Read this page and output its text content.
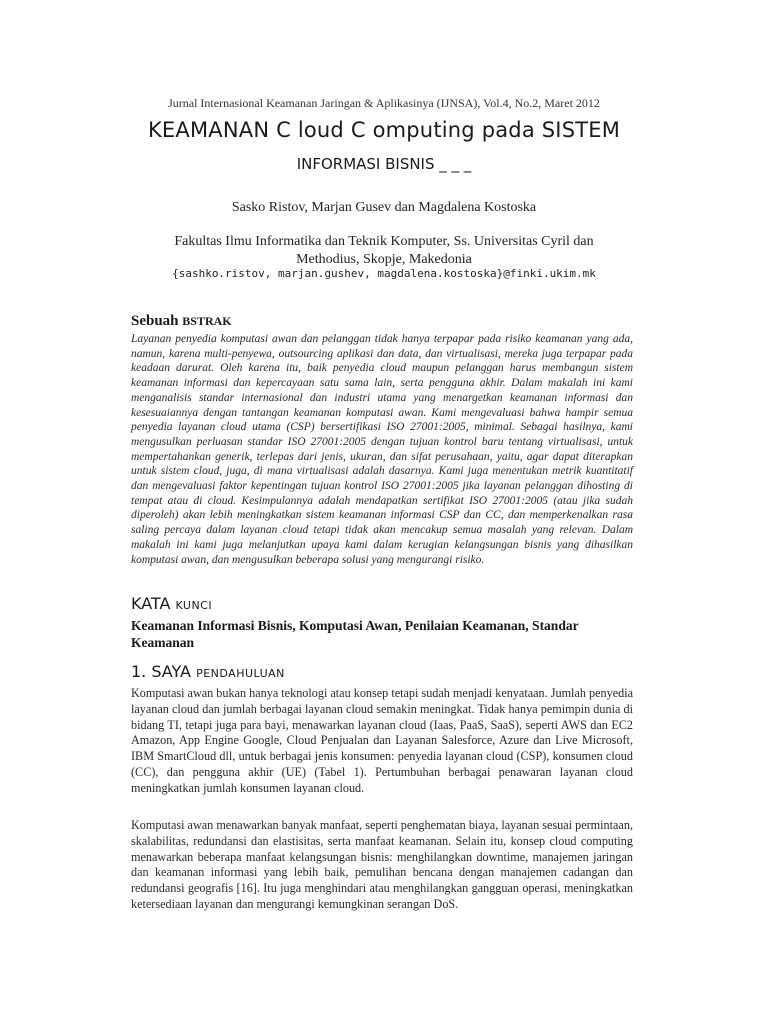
Jurnal Internasional Keamanan Jaringan & Aplikasinya (IJNSA), Vol.4, No.2, Maret 2012
KEAMANAN C loud C omputing pada SISTEM
INFORMASI BISNIS _ _ _
Sasko Ristov, Marjan Gusev dan Magdalena Kostoska
Fakultas Ilmu Informatika dan Teknik Komputer, Ss. Universitas Cyril dan Methodius, Skopje, Makedonia
{sashko.ristov, marjan.gushev, magdalena.kostoska}@finki.ukim.mk
Sebuah BSTRAK

Layanan penyedia komputasi awan dan pelanggan tidak hanya terpapar pada risiko keamanan yang ada, namun, karena multi-penyewa, outsourcing aplikasi dan data, dan virtualisasi, mereka juga terpapar pada keadaan darurat. Oleh karena itu, baik penyedia cloud maupun pelanggan harus membangun sistem keamanan informasi dan kepercayaan satu sama lain, serta pengguna akhir. Dalam makalah ini kami menganalisis standar internasional dan industri utama yang menargetkan keamanan informasi dan kesesuaiannya dengan tantangan keamanan komputasi awan. Kami mengevaluasi bahwa hampir semua penyedia layanan cloud utama (CSP) bersertifikasi ISO 27001:2005, minimal. Sebagai hasilnya, kami mengusulkan perluasan standar ISO 27001:2005 dengan tujuan kontrol baru tentang virtualisasi, untuk mempertahankan generik, terlepas dari jenis, ukuran, dan sifat perusahaan, yaitu, agar dapat diterapkan untuk sistem cloud, juga, di mana virtualisasi adalah dasarnya. Kami juga menentukan metrik kuantitatif dan mengevaluasi faktor kepentingan tujuan kontrol ISO 27001:2005 jika layanan pelanggan dihosting di tempat atau di cloud. Kesimpulannya adalah mendapatkan sertifikat ISO 27001:2005 (atau jika sudah diperoleh) akan lebih meningkatkan sistem keamanan informasi CSP dan CC, dan memperkenalkan rasa saling percaya dalam layanan cloud tetapi tidak akan mencakup semua masalah yang relevan. Dalam makalah ini kami juga melanjutkan upaya kami dalam kerugian kelangsungan bisnis yang dihasilkan komputasi awan, dan mengusulkan beberapa solusi yang mengurangi risiko.

KATA KUNCI

Keamanan Informasi Bisnis, Komputasi Awan, Penilaian Keamanan, Standar Keamanan

1. SAYA PENDAHULUAN

Komputasi awan bukan hanya teknologi atau konsep tetapi sudah menjadi kenyataan. Jumlah penyedia layanan cloud dan jumlah berbagai layanan cloud semakin meningkat. Tidak hanya pemimpin dunia di bidang TI, tetapi juga para bayi, menawarkan layanan cloud (Iaas, PaaS, SaaS), seperti AWS dan EC2 Amazon, App Engine Google, Cloud Penjualan dan Layanan Salesforce, Azure dan Live Microsoft, IBM SmartCloud dll, untuk berbagai jenis konsumen: penyedia layanan cloud (CSP), konsumen cloud (CC), dan pengguna akhir (UE) (Tabel 1). Pertumbuhan berbagai penawaran layanan cloud meningkatkan jumlah konsumen layanan cloud.

Komputasi awan menawarkan banyak manfaat, seperti penghematan biaya, layanan sesuai permintaan, skalabilitas, redundansi dan elastisitas, serta manfaat keamanan. Selain itu, konsep cloud computing menawarkan beberapa manfaat kelangsungan bisnis: menghilangkan downtime, manajemen jaringan dan keamanan informasi yang lebih baik, pemulihan bencana dengan manajemen cadangan dan redundansi geografis [16]. Itu juga menghindari atau menghilangkan gangguan operasi, meningkatkan ketersediaan layanan dan mengurangi kemungkinan serangan DoS.
